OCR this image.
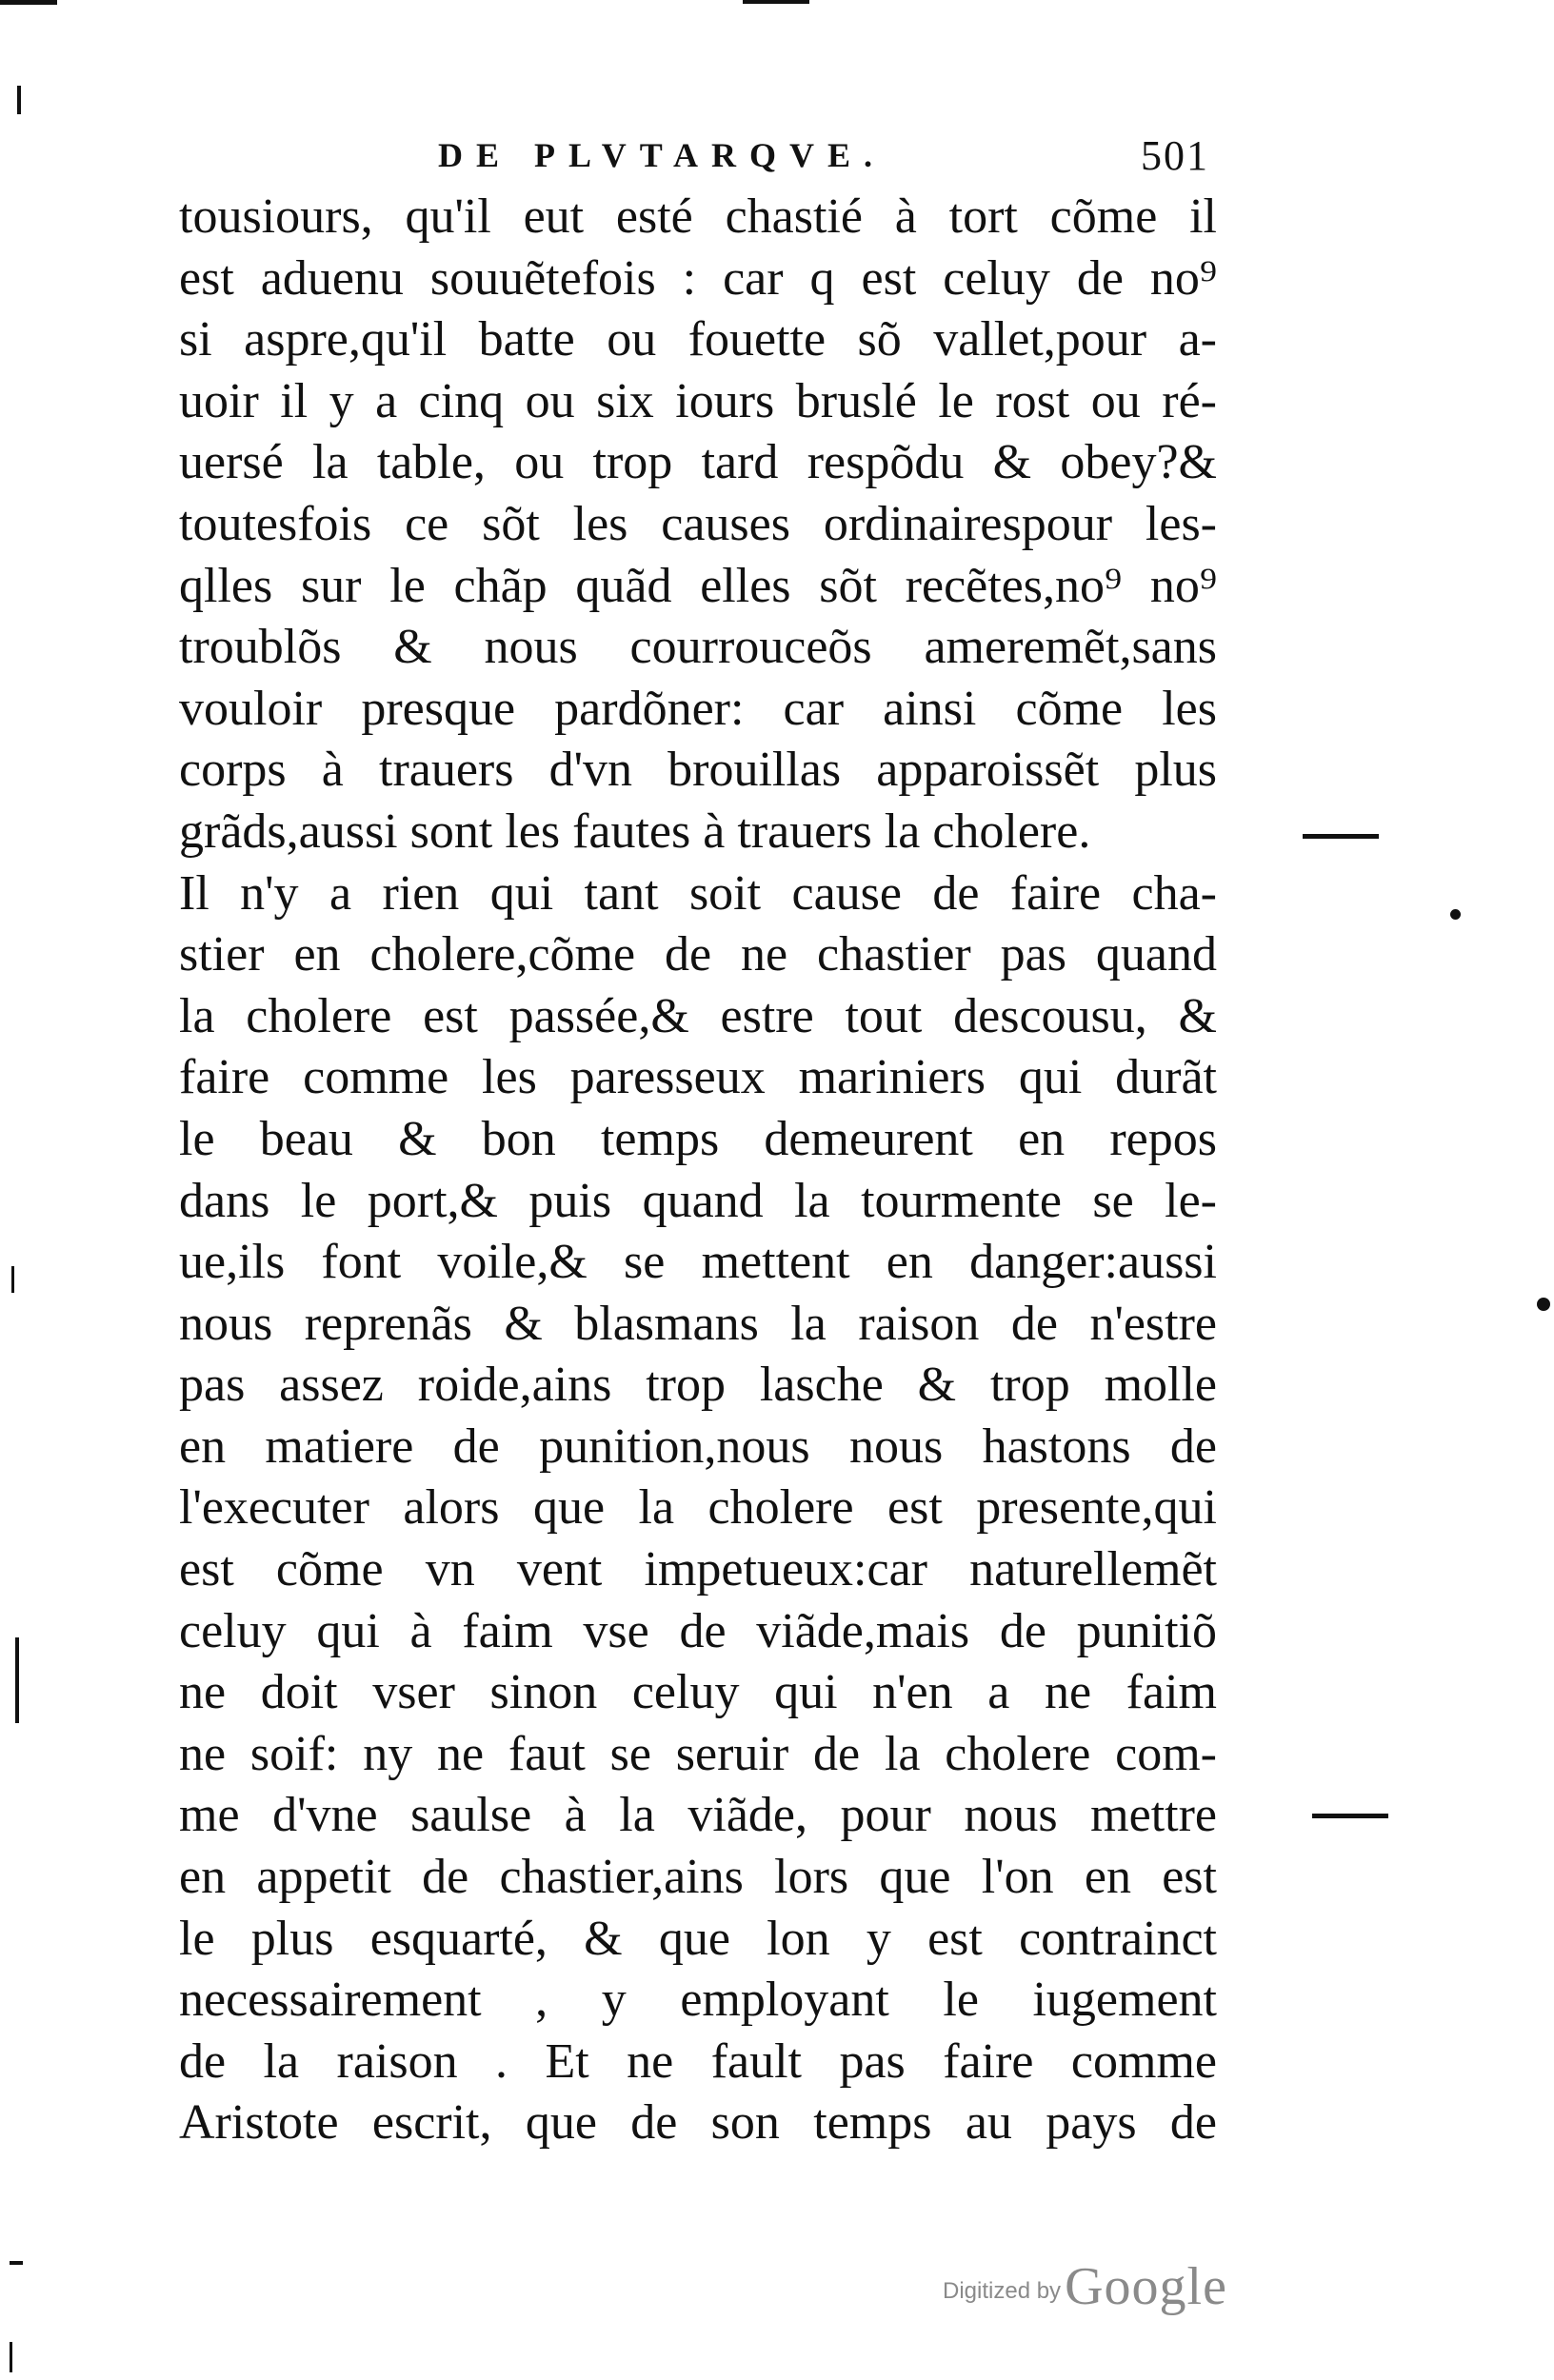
DE PLVTARQVE.	501
tousiours, qu'il eut esté chastié à tort cõme il
est aduenu souuẽtefois : car q est celuy de no⁹
si aspre,qu'il batte ou fouette sõ vallet,pour a-
uoir il y a cinq ou six iours bruslé le rost ou ré-
uersé la table, ou trop tard respõdu & obey?&
toutesfois ce sõt les causes ordinairespour les-
qlles sur le chãp quãd elles sõt recẽtes,no⁹ no⁹
troublõs & nous courrouceõs ameremẽt,sans
vouloir presque pardõner: car ainsi cõme les
corps à trauers d'vn brouillas apparoissẽt plus
grãds,aussi sont les fautes à trauers la cholere.
Il n'y a rien qui tant soit cause de faire cha-
stier en cholere,cõme de ne chastier pas quand
la cholere est passée,& estre tout descousu, &
faire comme les paresseux mariniers qui durãt
le beau & bon temps demeurent en repos
dans le port,& puis quand la tourmente se le-
ue,ils font voile,& se mettent en danger:aussi
nous reprenãs & blasmans la raison de n'estre
pas assez roide,ains trop lasche & trop molle
en matiere de punition,nous nous hastons de
l'executer alors que la cholere est presente,qui
est cõme vn vent impetueux:car naturellemẽt
celuy qui à faim vse de viãde,mais de punitiõ
ne doit vser sinon celuy qui n'en a ne faim
ne soif: ny ne faut se seruir de la cholere com-
me d'vne saulse à la viãde, pour nous mettre
en appetit de chastier,ains lors que l'on en est
le plus esquarté, & que lon y est contrainct
necessairement , y employant le iugement
de la raison . Et ne fault pas faire comme
Aristote escrit, que de son temps au pays de
Digitized by Google
